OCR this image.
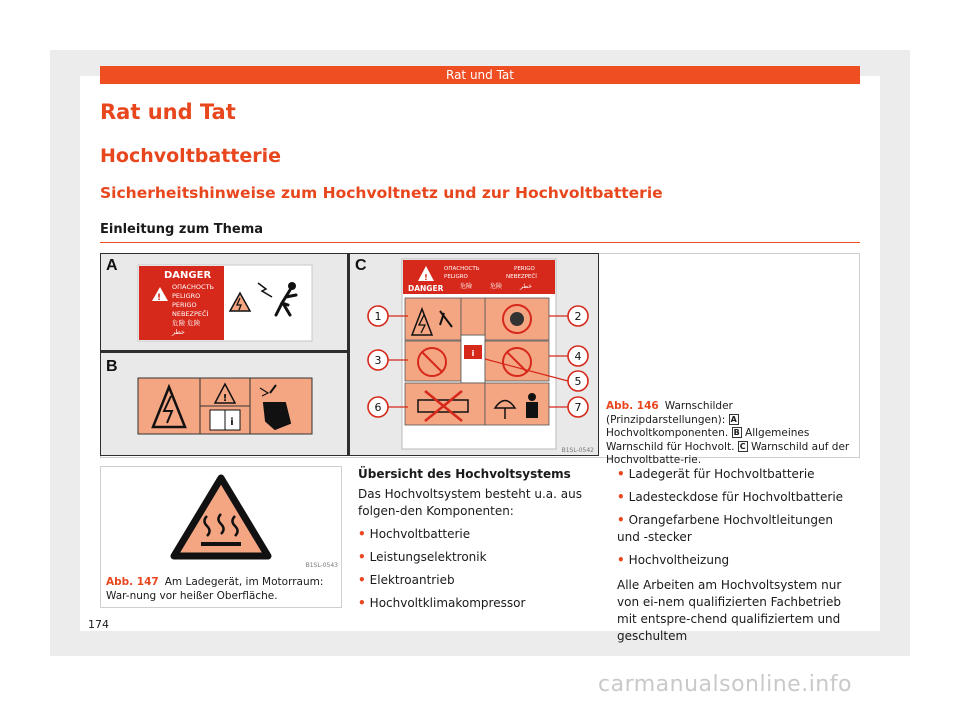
Rat und Tat
Rat und Tat
Hochvoltbatterie
Sicherheitshinweise zum Hochvoltnetz und zur Hochvoltbatterie
Einleitung zum Thema
A
!
DANGER
ОПАСНОСТЬ
PELIGRO
PERIGO
NEBEZPEČÍ
危險 危険
خطر
B
!
i
C
!
DANGER
ОПАСНОСТЬ	PERIGO
PELIGRO	NEBEZPEČÍ
危險	危険	خطر
i
1	2
3	4
5
6	7
B1SL-0542
Abb. 146 Warnschilder (Prinzipdarstellungen): A Hochvoltkomponenten. B Allgemeines Warnschild für Hochvolt. C Warnschild auf der Hochvoltbatte-rie.
B1SL-0543
Abb. 147 Am Ladegerät, im Motorraum: War-nung vor heißer Oberfläche.
Übersicht des Hochvoltsystems

Das Hochvoltsystem besteht u.a. aus folgen-den Komponenten:

• Hochvoltbatterie
• Leistungselektronik
• Elektroantrieb
• Hochvoltklimakompressor
• Ladegerät für Hochvoltbatterie
• Ladesteckdose für Hochvoltbatterie
• Orangefarbene Hochvoltleitungen und -stecker
• Hochvoltheizung

Alle Arbeiten am Hochvoltsystem nur von ei-nem qualifizierten Fachbetrieb mit entspre-chend qualifiziertem und geschultem

174
carmanualsonline.info
